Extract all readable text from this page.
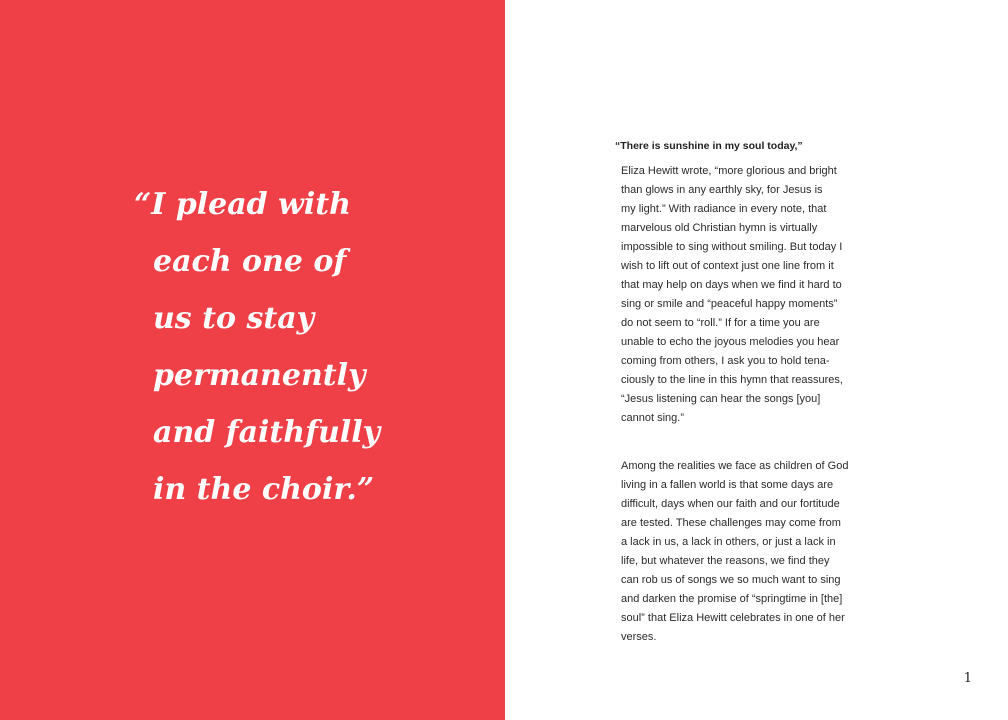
“I plead with
each one of
us to stay
permanently
and faithfully
in the choir.”

“There is sunshine in my soul today,”

Eliza Hewitt wrote, “more glorious and bright
than glows in any earthly sky, for Jesus is
my light.” With radiance in every note, that
marvelous old Christian hymn is virtually
impossible to sing without smiling. But today I
wish to lift out of context just one line from it
that may help on days when we find it hard to
sing or smile and “peaceful happy moments”
do not seem to “roll.” If for a time you are
unable to echo the joyous melodies you hear
coming from others, I ask you to hold tena-
ciously to the line in this hymn that reassures,
“Jesus listening can hear the songs [you]
cannot sing.”

Among the realities we face as children of God
living in a fallen world is that some days are
difficult, days when our faith and our fortitude
are tested. These challenges may come from
a lack in us, a lack in others, or just a lack in
life, but whatever the reasons, we find they
can rob us of songs we so much want to sing
and darken the promise of “springtime in [the]
soul” that Eliza Hewitt celebrates in one of her
verses.

1
